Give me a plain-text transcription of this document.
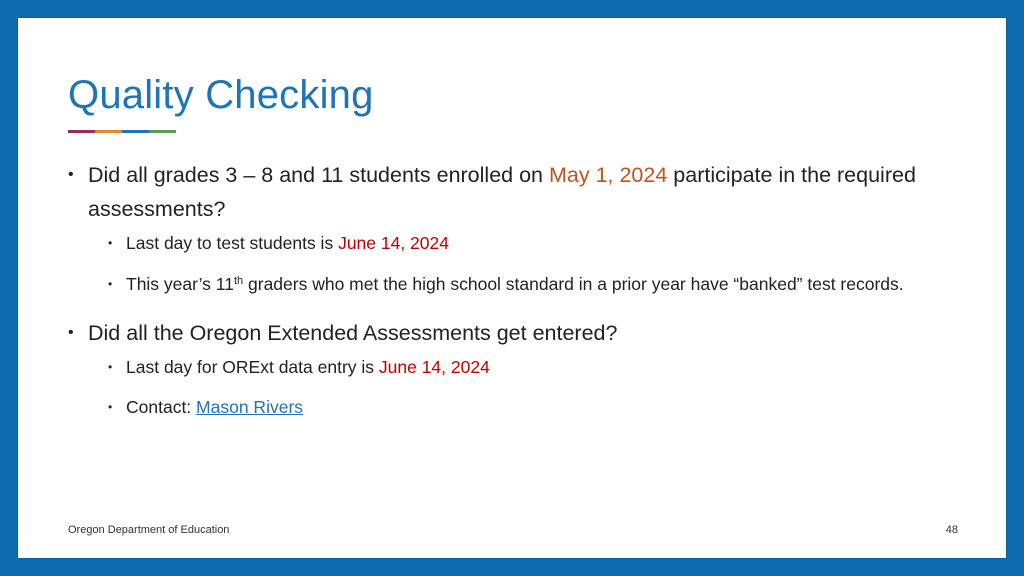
Quality Checking
• Did all grades 3 – 8 and 11 students enrolled on May 1, 2024 participate in the required assessments?
• Last day to test students is June 14, 2024
• This year’s 11th graders who met the high school standard in a prior year have “banked” test records.
• Did all the Oregon Extended Assessments get entered?
• Last day for ORExt data entry is June 14, 2024
• Contact: Mason Rivers
Oregon Department of Education	48
